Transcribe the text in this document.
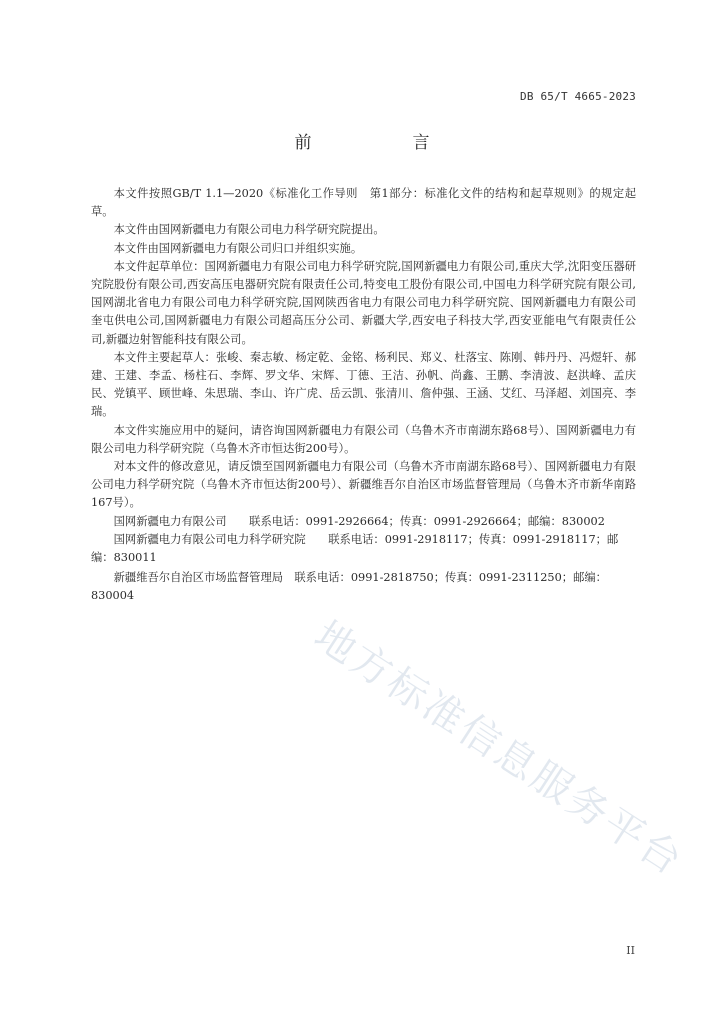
DB 65/T 4665-2023
前　言

本文件按照GB/T 1.1—2020《标准化工作导则　第1部分：标准化文件的结构和起草规则》的规定起草。

本文件由国网新疆电力有限公司电力科学研究院提出。

本文件由国网新疆电力有限公司归口并组织实施。

本文件起草单位：国网新疆电力有限公司电力科学研究院,国网新疆电力有限公司,重庆大学,沈阳变压器研究院股份有限公司,西安高压电器研究院有限责任公司,特变电工股份有限公司,中国电力科学研究院有限公司,国网湖北省电力有限公司电力科学研究院,国网陕西省电力有限公司电力科学研究院、国网新疆电力有限公司奎屯供电公司,国网新疆电力有限公司超高压分公司、新疆大学,西安电子科技大学,西安亚能电气有限责任公司,新疆边射智能科技有限公司。

本文件主要起草人：张峻、秦志敏、杨定乾、金铭、杨利民、郑义、杜落宝、陈刚、韩丹丹、冯煜轩、郝建、王建、李孟、杨柱石、李辉、罗文华、宋辉、丁德、王洁、孙帆、尚鑫、王鹏、李清波、赵洪峰、孟庆民、党镇平、顾世峰、朱思瑞、李山、许广虎、岳云凯、张清川、詹仲强、王涵、艾红、马泽超、刘国亮、李瑞。

本文件实施应用中的疑问，请咨询国网新疆电力有限公司（乌鲁木齐市南湖东路68号）、国网新疆电力有限公司电力科学研究院（乌鲁木齐市恒达街200号）。

对本文件的修改意见，请反馈至国网新疆电力有限公司（乌鲁木齐市南湖东路68号）、国网新疆电力有限公司电力科学研究院（乌鲁木齐市恒达街200号）、新疆维吾尔自治区市场监督管理局（乌鲁木齐市新华南路167号）。

国网新疆电力有限公司　　联系电话：0991-2926664；传真：0991-2926664；邮编：830002

国网新疆电力有限公司电力科学研究院　　联系电话：0991-2918117；传真：0991-2918117；邮编：830011

新疆维吾尔自治区市场监督管理局　联系电话：0991-2818750；传真：0991-2311250；邮编：830004

地方标准信息服务平台
II
